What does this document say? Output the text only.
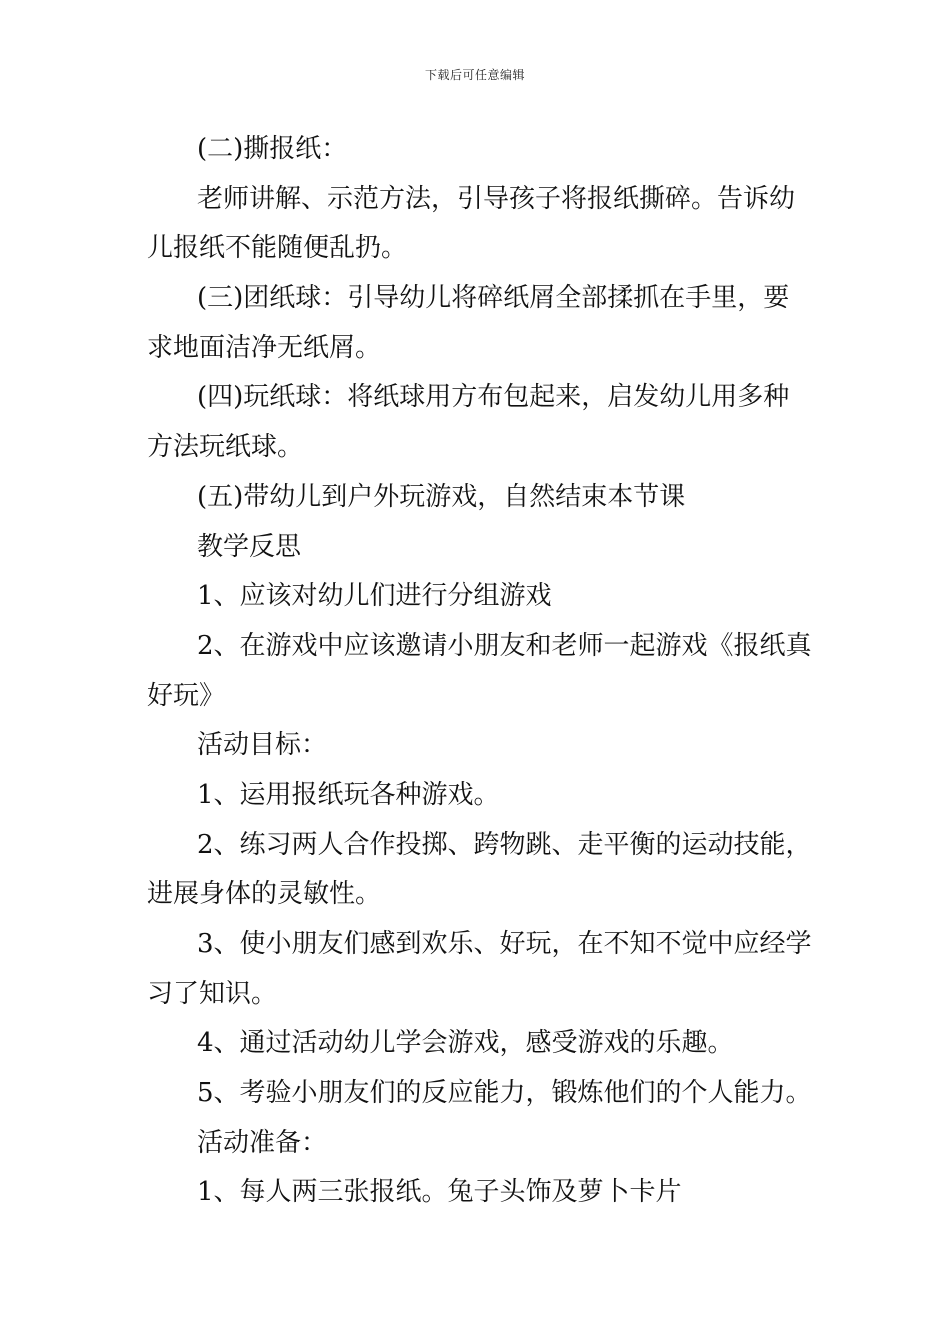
下载后可任意编辑
(二)撕报纸：
老师讲解、示范方法，引导孩子将报纸撕碎。告诉幼
儿报纸不能随便乱扔。
(三)团纸球：引导幼儿将碎纸屑全部揉抓在手里，要
求地面洁净无纸屑。
(四)玩纸球：将纸球用方布包起来，启发幼儿用多种
方法玩纸球。
(五)带幼儿到户外玩游戏，自然结束本节课
教学反思
1、应该对幼儿们进行分组游戏
2、在游戏中应该邀请小朋友和老师一起游戏《报纸真
好玩》
活动目标：
1、运用报纸玩各种游戏。
2、练习两人合作投掷、跨物跳、走平衡的运动技能，
进展身体的灵敏性。
3、使小朋友们感到欢乐、好玩，在不知不觉中应经学
习了知识。
4、通过活动幼儿学会游戏，感受游戏的乐趣。
5、考验小朋友们的反应能力，锻炼他们的个人能力。
活动准备：
1、每人两三张报纸。兔子头饰及萝卜卡片
